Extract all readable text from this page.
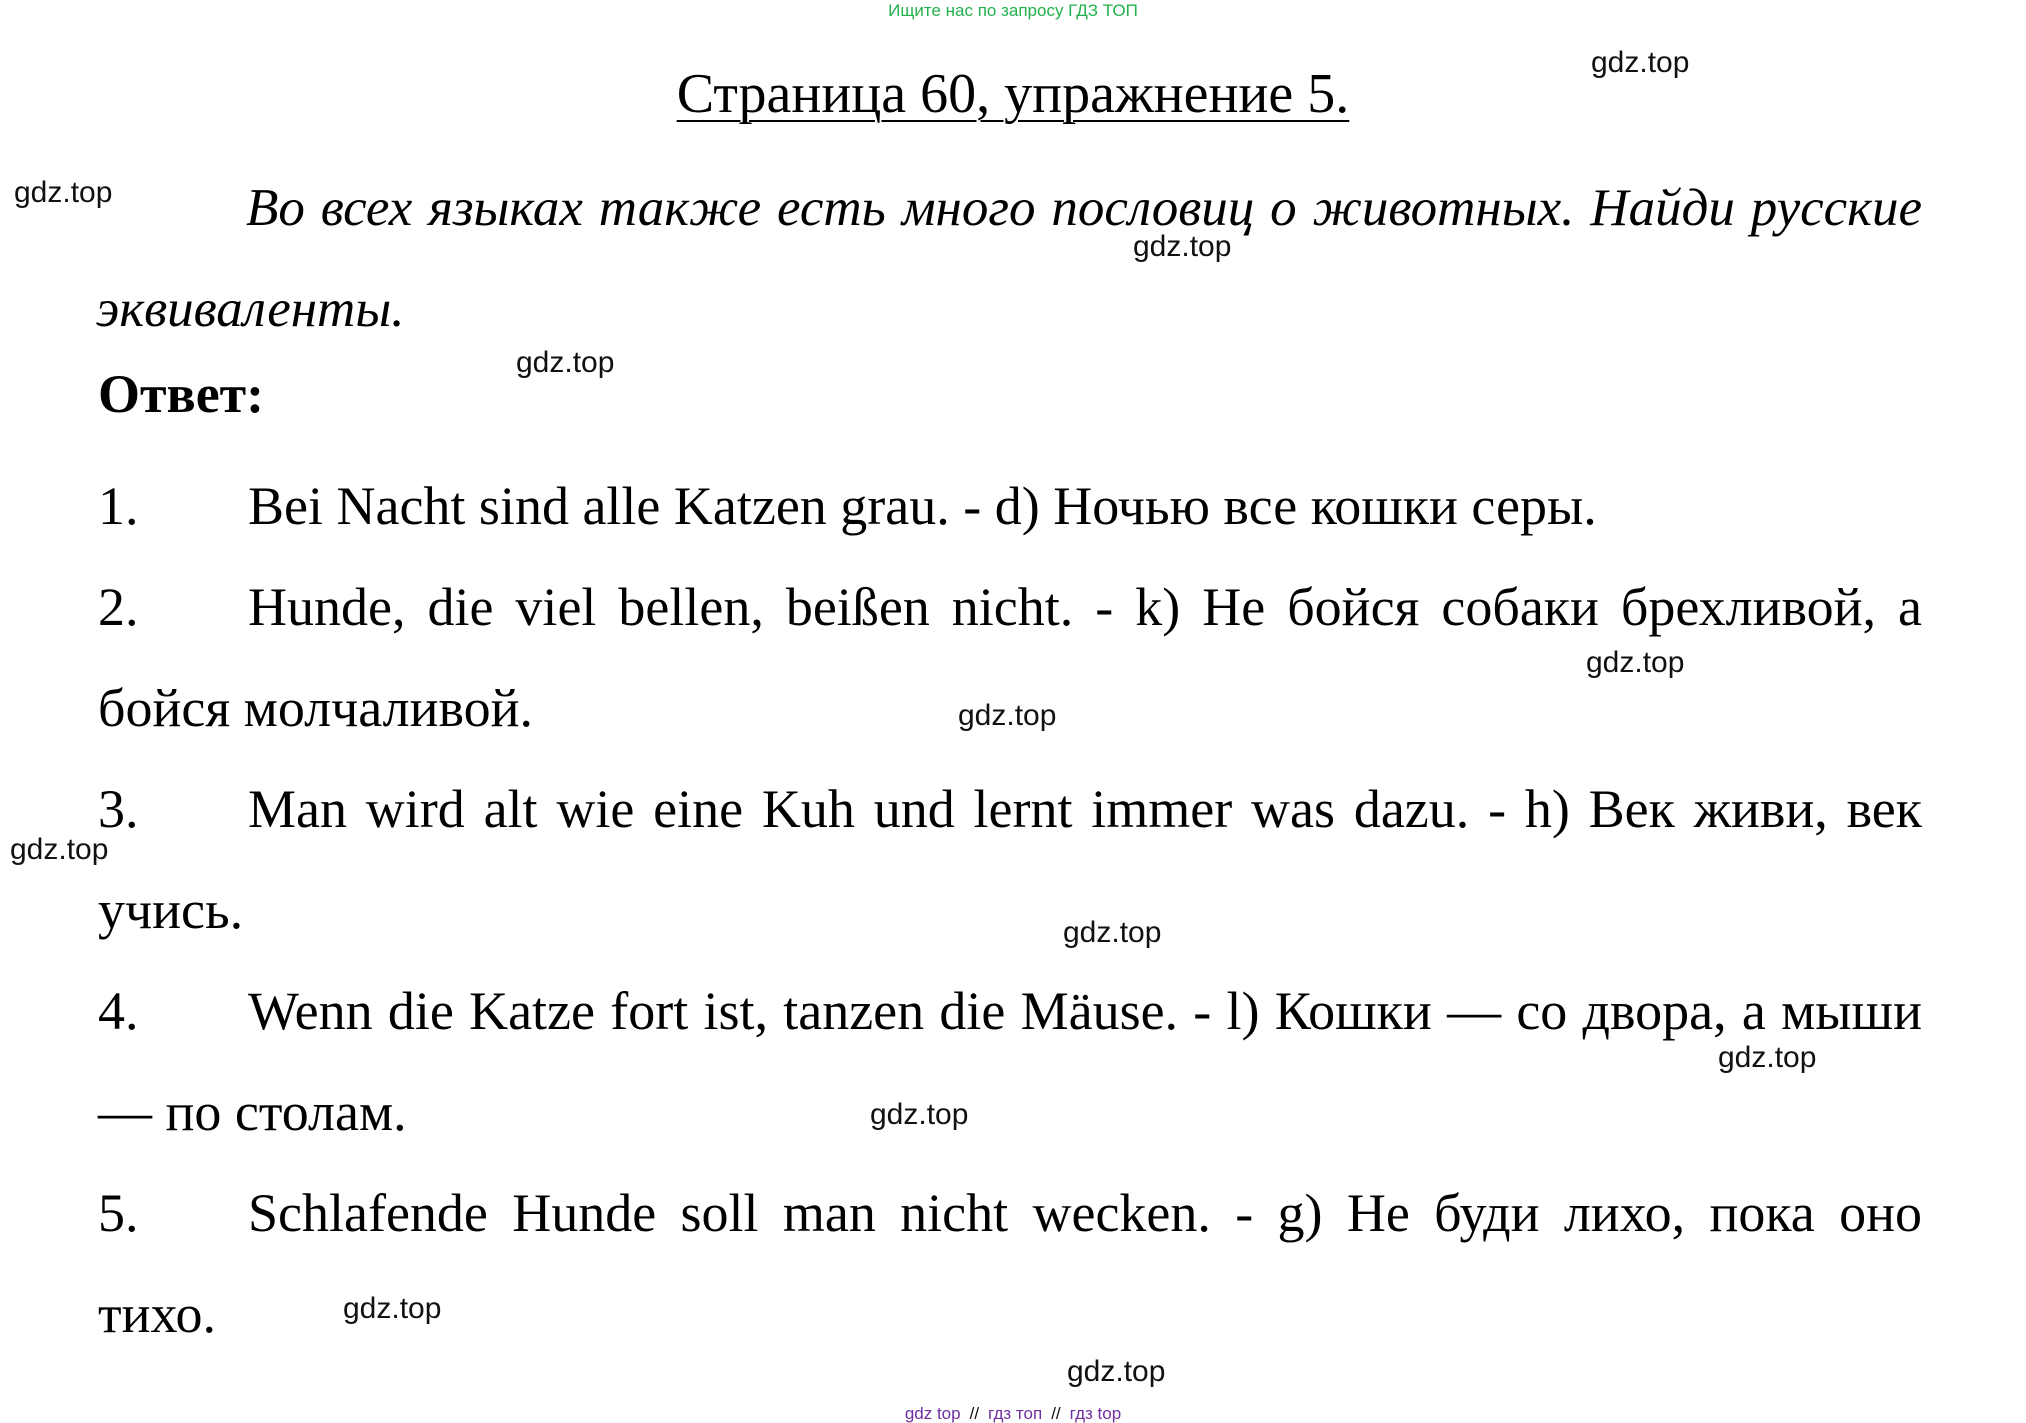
Ищите нас по запросу ГДЗ ТОП
Страница 60, упражнение 5.
Во всех языках также есть много пословиц о животных. Найди русские эквиваленты.
Ответ:
1. Bei Nacht sind alle Katzen grau. - d) Ночью все кошки серы.
2. Hunde, die viel bellen, beißen nicht. - k) Не бойся собаки брехливой, а бойся молчаливой.
3. Man wird alt wie eine Kuh und lernt immer was dazu. - h) Век живи, век учись.
4. Wenn die Katze fort ist, tanzen die Mäuse. - l) Кошки — со двора, а мыши — по столам.
5. Schlafende Hunde soll man nicht wecken. - g) Не буди лихо, пока оно тихо.
gdz.top
gdz.top
gdz.top
gdz.top
gdz.top
gdz.top
gdz.top
gdz.top
gdz.top
gdz.top
gdz.top
gdz.top
gdz top // гдз топ // гдз top
